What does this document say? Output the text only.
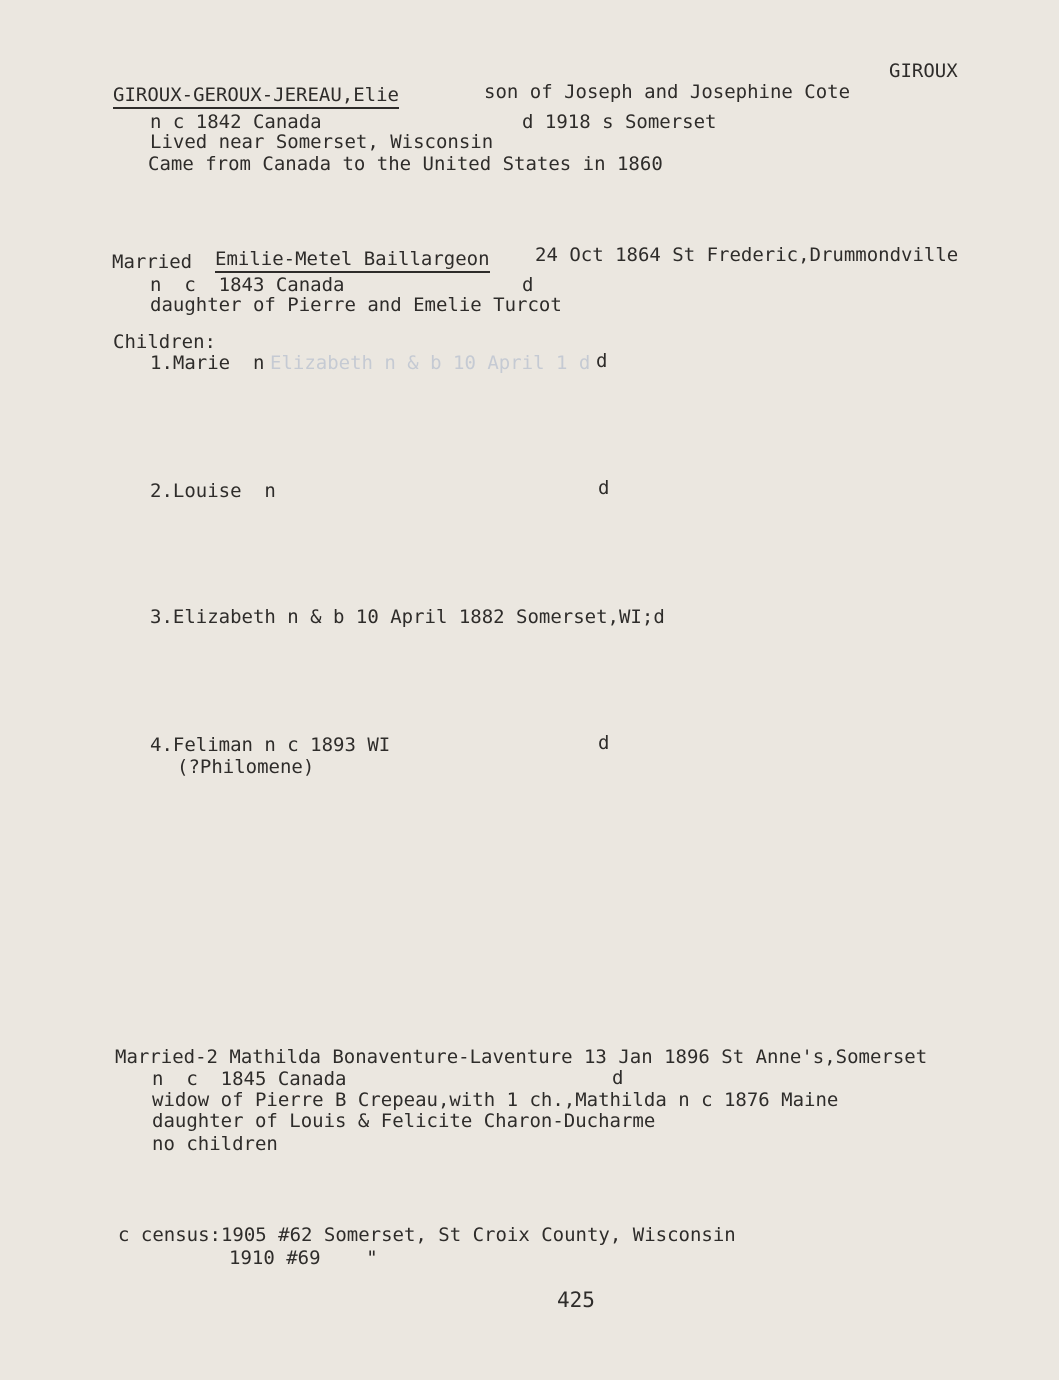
GIROUX
GIROUX-GEROUX-JEREAU,Elie	son of Joseph and Josephine Cote
n c 1842 Canada	d 1918 s Somerset
Lived near Somerset, Wisconsin
Came from Canada to the United States in 1860
Married Emilie-Metel Baillargeon 24 Oct 1864 St Frederic,Drummondville
n  c  1843 Canada	d
daughter of Pierre and Emelie Turcot
Children:
1.Marie  n Elizabeth n & b 10 April 1 d d
2.Louise  n	d
3.Elizabeth n & b 10 April 1882 Somerset,WI;d
4.Feliman n c 1893 WI	d
(?Philomene)
Married-2 Mathilda Bonaventure-Laventure 13 Jan 1896 St Anne's,Somerset
n  c  1845 Canada	d
widow of Pierre B Crepeau,with 1 ch.,Mathilda n c 1876 Maine
daughter of Louis & Felicite Charon-Ducharme
no children
c census:1905 #62 Somerset, St Croix County, Wisconsin
1910 #69    "
425
